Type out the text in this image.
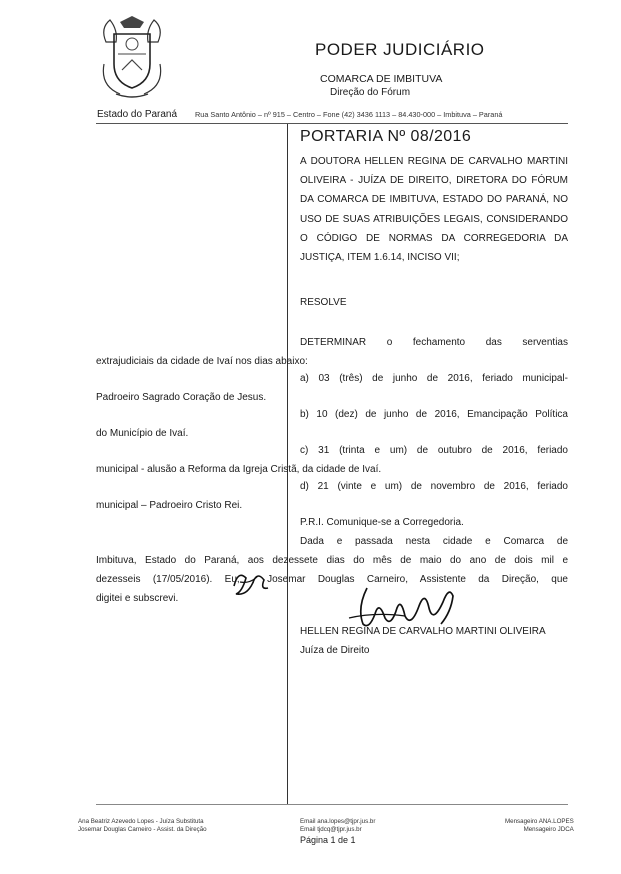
PODER JUDICIÁRIO
COMARCA DE IMBITUVA
Direção do Fórum
Estado do Paraná Rua Santo Antônio – nº 915 – Centro – Fone (42) 3436 1113 – 84.430-000 – Imbituva – Paraná
PORTARIA Nº 08/2016
A DOUTORA HELLEN REGINA DE CARVALHO MARTINI OLIVEIRA - JUÍZA DE DIREITO, DIRETORA DO FÓRUM DA COMARCA DE IMBITUVA, ESTADO DO PARANÁ, NO USO DE SUAS ATRIBUIÇÕES LEGAIS, CONSIDERANDO O CÓDIGO DE NORMAS DA CORREGEDORIA DA JUSTIÇA, ITEM 1.6.14, INCISO VII;
RESOLVE
DETERMINAR o fechamento das serventias
extrajudiciais da cidade de Ivaí nos dias abaixo:
a) 03 (três) de junho de 2016, feriado municipal-
Padroeiro Sagrado Coração de Jesus.
b) 10 (dez) de junho de 2016, Emancipação Política
do Município de Ivaí.
c) 31 (trinta e um) de outubro de 2016, feriado
municipal - alusão a Reforma da Igreja Cristã, da cidade de Ivaí.
d) 21 (vinte e um) de novembro de 2016, feriado
municipal – Padroeiro Cristo Rei.
P.R.I. Comunique-se a Corregedoria.
Dada e passada nesta cidade e Comarca de
Imbituva, Estado do Paraná, aos dezessete dias do mês de maio do ano de dois mil e
dezesseis (17/05/2016). Eu, , Josemar Douglas Carneiro, Assistente da Direção, que
digitei e subscrevi.
HELLEN REGINA DE CARVALHO MARTINI OLIVEIRA
Juíza de Direito
Ana Beatriz Azevedo Lopes - Juíza Substituta
Josemar Douglas Carneiro - Assist. da Direção
Email ana.lopes@tjpr.jus.br
Email tjdcq@tjpr.jus.br
Mensageiro ANA.LOPES
Mensageiro JDCA
Página 1 de 1
